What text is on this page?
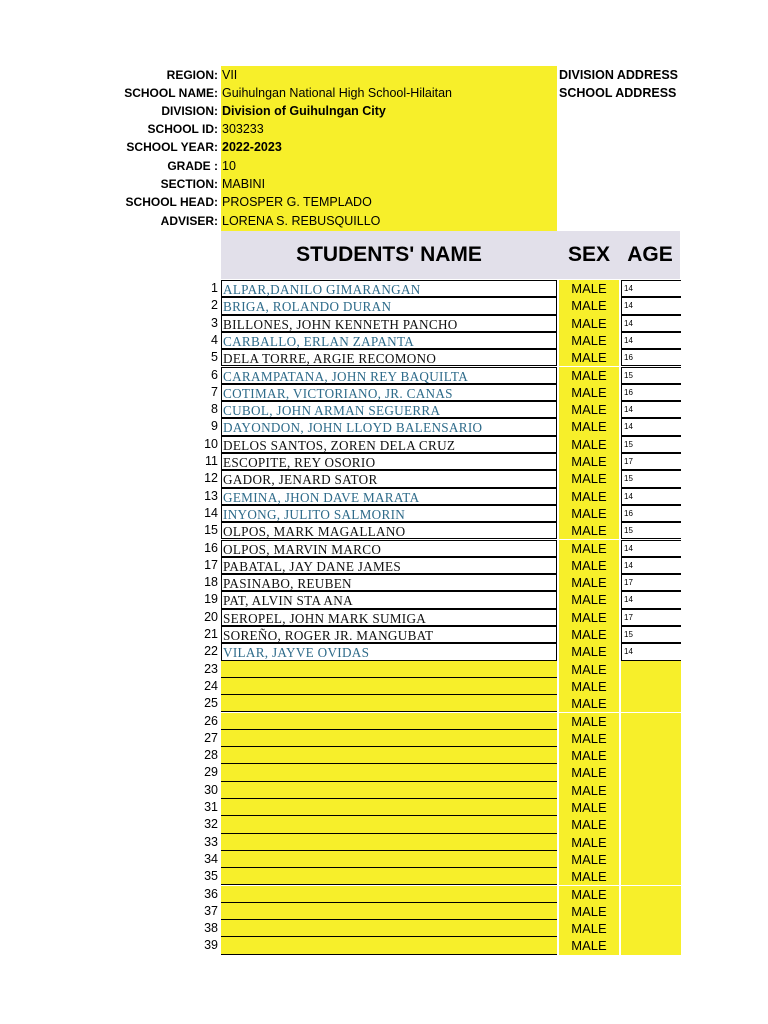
REGION: VII	DIVISION ADDRESS
SCHOOL NAME: Guihulngan National High School-Hilaitan	SCHOOL ADDRESS
DIVISION: Division of Guihulngan City
SCHOOL ID: 303233
SCHOOL YEAR: 2022-2023
GRADE : 10
SECTION: MABINI
SCHOOL HEAD: PROSPER G. TEMPLADO
ADVISER: LORENA S. REBUSQUILLO
STUDENTS' NAME	SEX AGE
1 ALPAR,DANILO GIMARANGAN	MALE	14
2 BRIGA, ROLANDO DURAN	MALE	14
3 BILLONES, JOHN KENNETH PANCHO	MALE	14
4 CARBALLO, ERLAN ZAPANTA	MALE	14
5 DELA TORRE, ARGIE RECOMONO	MALE	16
6 CARAMPATANA, JOHN REY BAQUILTA	MALE	15
7 COTIMAR, VICTORIANO, JR. CANAS	MALE	16
8 CUBOL, JOHN ARMAN SEGUERRA	MALE	14
9 DAYONDON, JOHN LLOYD BALENSARIO	MALE	14
10 DELOS SANTOS, ZOREN DELA CRUZ	MALE	15
11 ESCOPITE, REY OSORIO	MALE	17
12 GADOR, JENARD SATOR	MALE	15
13 GEMINA, JHON DAVE MARATA	MALE	14
14 INYONG, JULITO SALMORIN	MALE	16
15 OLPOS, MARK MAGALLANO	MALE	15
16 OLPOS, MARVIN MARCO	MALE	14
17 PABATAL, JAY DANE JAMES	MALE	14
18 PASINABO, REUBEN	MALE	17
19 PAT, ALVIN STA ANA	MALE	14
20 SEROPEL, JOHN MARK SUMIGA	MALE	17
21 SOREÑO, ROGER JR. MANGUBAT	MALE	15
22 VILAR, JAYVE OVIDAS	MALE	14
23	MALE
24	MALE
25	MALE
26	MALE
27	MALE
28	MALE
29	MALE
30	MALE
31	MALE
32	MALE
33	MALE
34	MALE
35	MALE
36	MALE
37	MALE
38	MALE
39	MALE
